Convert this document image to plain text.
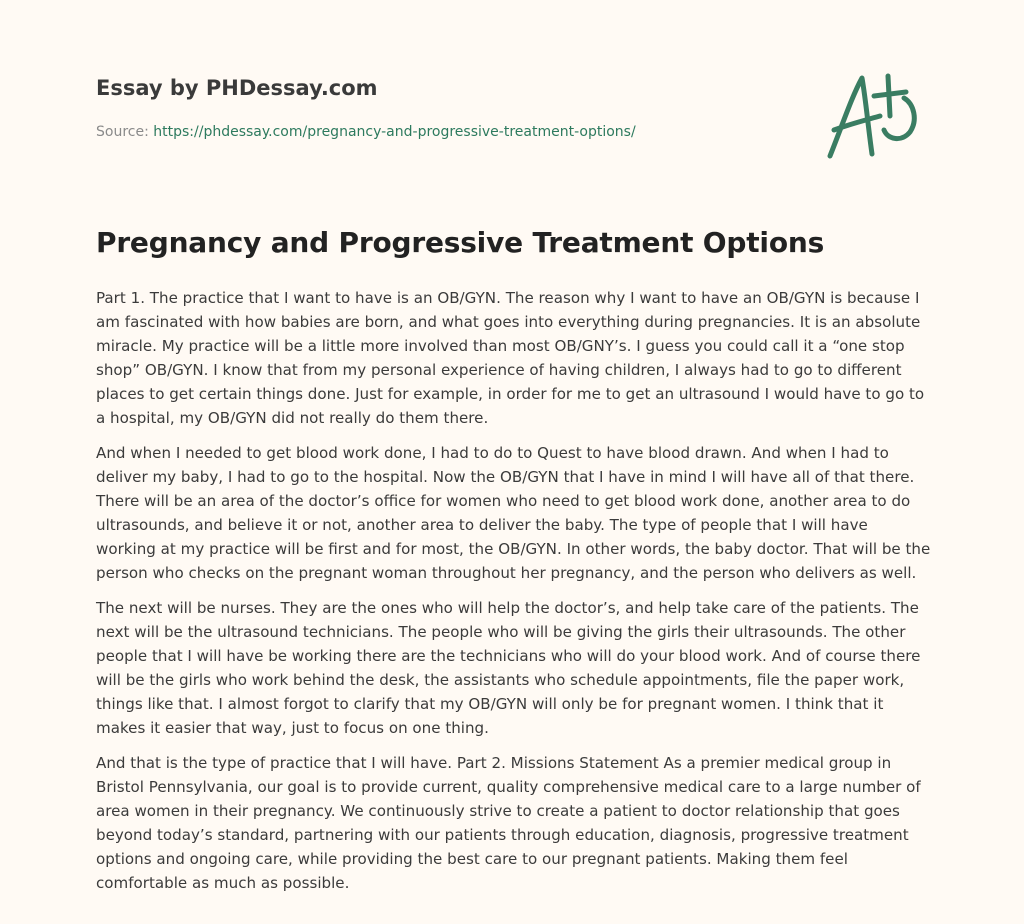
Essay by PHDessay.com
Source: https://phdessay.com/pregnancy-and-progressive-treatment-options/
Pregnancy and Progressive Treatment Options

Part 1. The practice that I want to have is an OB/GYN. The reason why I want to have an OB/GYN is because I am fascinated with how babies are born, and what goes into everything during pregnancies. It is an absolute miracle. My practice will be a little more involved than most OB/GNY’s. I guess you could call it a “one stop shop” OB/GYN. I know that from my personal experience of having children, I always had to go to different places to get certain things done. Just for example, in order for me to get an ultrasound I would have to go to a hospital, my OB/GYN did not really do them there.

And when I needed to get blood work done, I had to do to Quest to have blood drawn. And when I had to deliver my baby, I had to go to the hospital. Now the OB/GYN that I have in mind I will have all of that there. There will be an area of the doctor’s office for women who need to get blood work done, another area to do ultrasounds, and believe it or not, another area to deliver the baby. The type of people that I will have working at my practice will be first and for most, the OB/GYN. In other words, the baby doctor. That will be the person who checks on the pregnant woman throughout her pregnancy, and the person who delivers as well.

The next will be nurses. They are the ones who will help the doctor’s, and help take care of the patients. The next will be the ultrasound technicians. The people who will be giving the girls their ultrasounds. The other people that I will have be working there are the technicians who will do your blood work. And of course there will be the girls who work behind the desk, the assistants who schedule appointments, file the paper work, things like that. I almost forgot to clarify that my OB/GYN will only be for pregnant women. I think that it makes it easier that way, just to focus on one thing.

And that is the type of practice that I will have. Part 2. Missions Statement As a premier medical group in Bristol Pennsylvania, our goal is to provide current, quality comprehensive medical care to a large number of area women in their pregnancy. We continuously strive to create a patient to doctor relationship that goes beyond today’s standard, partnering with our patients through education, diagnosis, progressive treatment options and ongoing care, while providing the best care to our pregnant patients. Making them feel comfortable as much as possible.
